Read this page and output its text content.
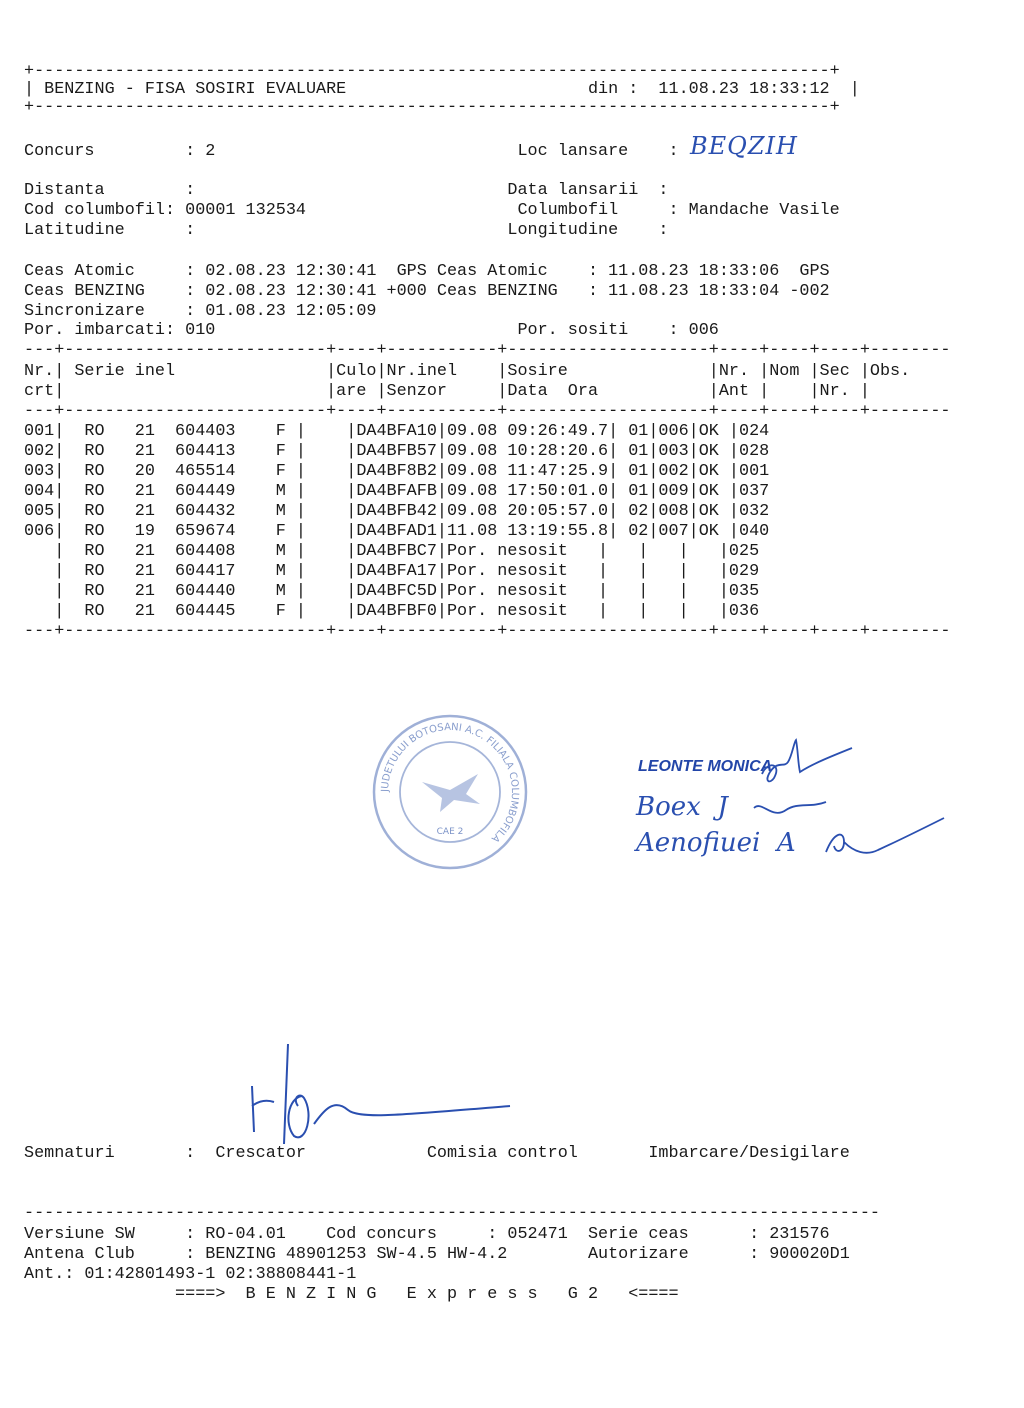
+-------------------------------------------------------------------------------+
| BENZING - FISA SOSIRI EVALUARE                        din :  11.08.23 18:33:12  |
+-------------------------------------------------------------------------------+
Concurs         : 2                              Loc lansare    : BEQZIH
Distanta        :                               Data lansarii  :
Cod columbofil: 00001 132534                     Columbofil     : Mandache Vasile
Latitudine      :                               Longitudine    :
Ceas Atomic     : 02.08.23 12:30:41  GPS Ceas Atomic    : 11.08.23 18:33:06  GPS
Ceas BENZING    : 02.08.23 12:30:41 +000 Ceas BENZING   : 11.08.23 18:33:04 -002
Sincronizare    : 01.08.23 12:05:09
Por. imbarcati: 010                              Por. sositi    : 006
---+--------------------------+----+-----------+--------------------+----+----+----+--------
Nr.| Serie inel               |Culo|Nr.inel    |Sosire              |Nr. |Nom |Sec |Obs.
crt|                          |are |Senzor     |Data  Ora           |Ant |    |Nr. |
---+--------------------------+----+-----------+--------------------+----+----+----+--------
001|  RO   21  604403    F |    |DA4BFA10|09.08 09:26:49.7| 01|006|OK |024
002|  RO   21  604413    F |    |DA4BFB57|09.08 10:28:20.6| 01|003|OK |028
003|  RO   20  465514    F |    |DA4BF8B2|09.08 11:47:25.9| 01|002|OK |001
004|  RO   21  604449    M |    |DA4BFAFB|09.08 17:50:01.0| 01|009|OK |037
005|  RO   21  604432    M |    |DA4BFB42|09.08 20:05:57.0| 02|008|OK |032
006|  RO   19  659674    F |    |DA4BFAD1|11.08 13:19:55.8| 02|007|OK |040
|  RO   21  604408    M |    |DA4BFBC7|Por. nesosit   |   |   |   |025
|  RO   21  604417    M |    |DA4BFA17|Por. nesosit   |   |   |   |029
|  RO   21  604440    M |    |DA4BFC5D|Por. nesosit   |   |   |   |035
|  RO   21  604445    F |    |DA4BFBF0|Por. nesosit   |   |   |   |036
---+--------------------------+----+-----------+--------------------+----+----+----+--------
JUDETULUI BOTOSANI A.C. FILIALA COLUMBOFILA
CAE 2
LEONTE MONICA
Boex  J
Aenofiuei  A
Semnaturi       :  Crescator            Comisia control       Imbarcare/Desigilare
-------------------------------------------------------------------------------------
Versiune SW     : RO-04.01    Cod concurs     : 052471  Serie ceas      : 231576
Antena Club     : BENZING 48901253 SW-4.5 HW-4.2        Autorizare      : 900020D1
Ant.: 01:42801493-1 02:38808441-1
====>  B E N Z I N G   E x p r e s s   G 2   <====
